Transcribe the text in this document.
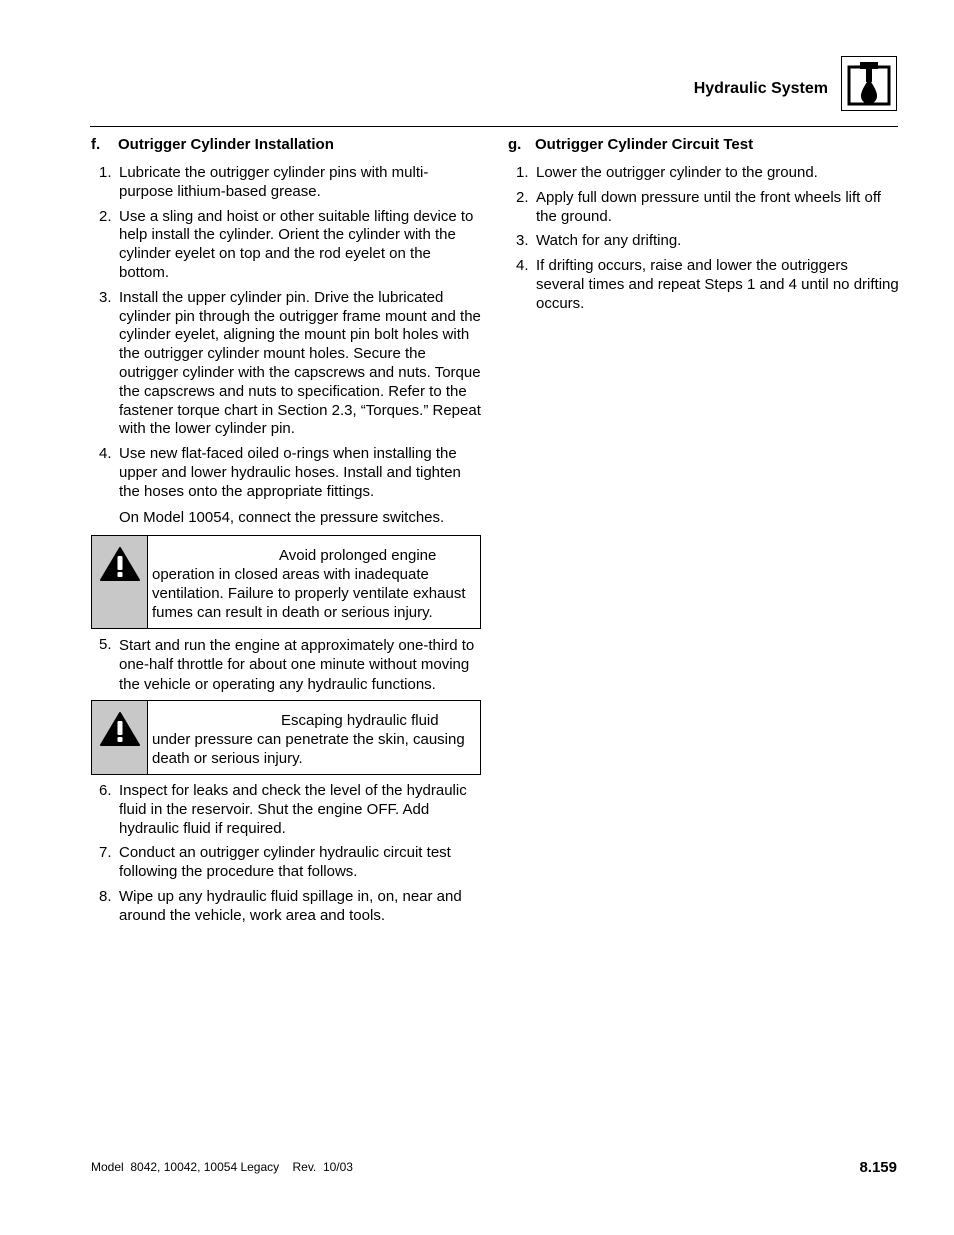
Hydraulic System
f.	Outrigger Cylinder Installation
1. Lubricate the outrigger cylinder pins with multi-purpose lithium-based grease.
2. Use a sling and hoist or other suitable lifting device to help install the cylinder. Orient the cylinder with the cylinder eyelet on top and the rod eyelet on the bottom.
3. Install the upper cylinder pin. Drive the lubricated cylinder pin through the outrigger frame mount and the cylinder eyelet, aligning the mount pin bolt holes with the outrigger cylinder mount holes. Secure the outrigger cylinder with the capscrews and nuts. Torque the capscrews and nuts to specification. Refer to the fastener torque chart in Section 2.3, “Torques.” Repeat with the lower cylinder pin.
4. Use new flat-faced oiled o-rings when installing the upper and lower hydraulic hoses. Install and tighten the hoses onto the appropriate fittings.
On Model 10054, connect the pressure switches.
Avoid prolonged engine operation in closed areas with inadequate ventilation. Failure to properly ventilate exhaust fumes can result in death or serious injury.
5. Start and run the engine at approximately one-third to one-half throttle for about one minute without moving the vehicle or operating any hydraulic functions.
Escaping hydraulic fluid under pressure can penetrate the skin, causing death or serious injury.
6. Inspect for leaks and check the level of the hydraulic fluid in the reservoir. Shut the engine OFF. Add hydraulic fluid if required.
7. Conduct an outrigger cylinder hydraulic circuit test following the procedure that follows.
8. Wipe up any hydraulic fluid spillage in, on, near and around the vehicle, work area and tools.
g. Outrigger Cylinder Circuit Test
1. Lower the outrigger cylinder to the ground.
2. Apply full down pressure until the front wheels lift off the ground.
3. Watch for any drifting.
4. If drifting occurs, raise and lower the outriggers several times and repeat Steps 1 and 4 until no drifting occurs.
Model  8042, 10042, 10054 Legacy    Rev.  10/03	8.159
